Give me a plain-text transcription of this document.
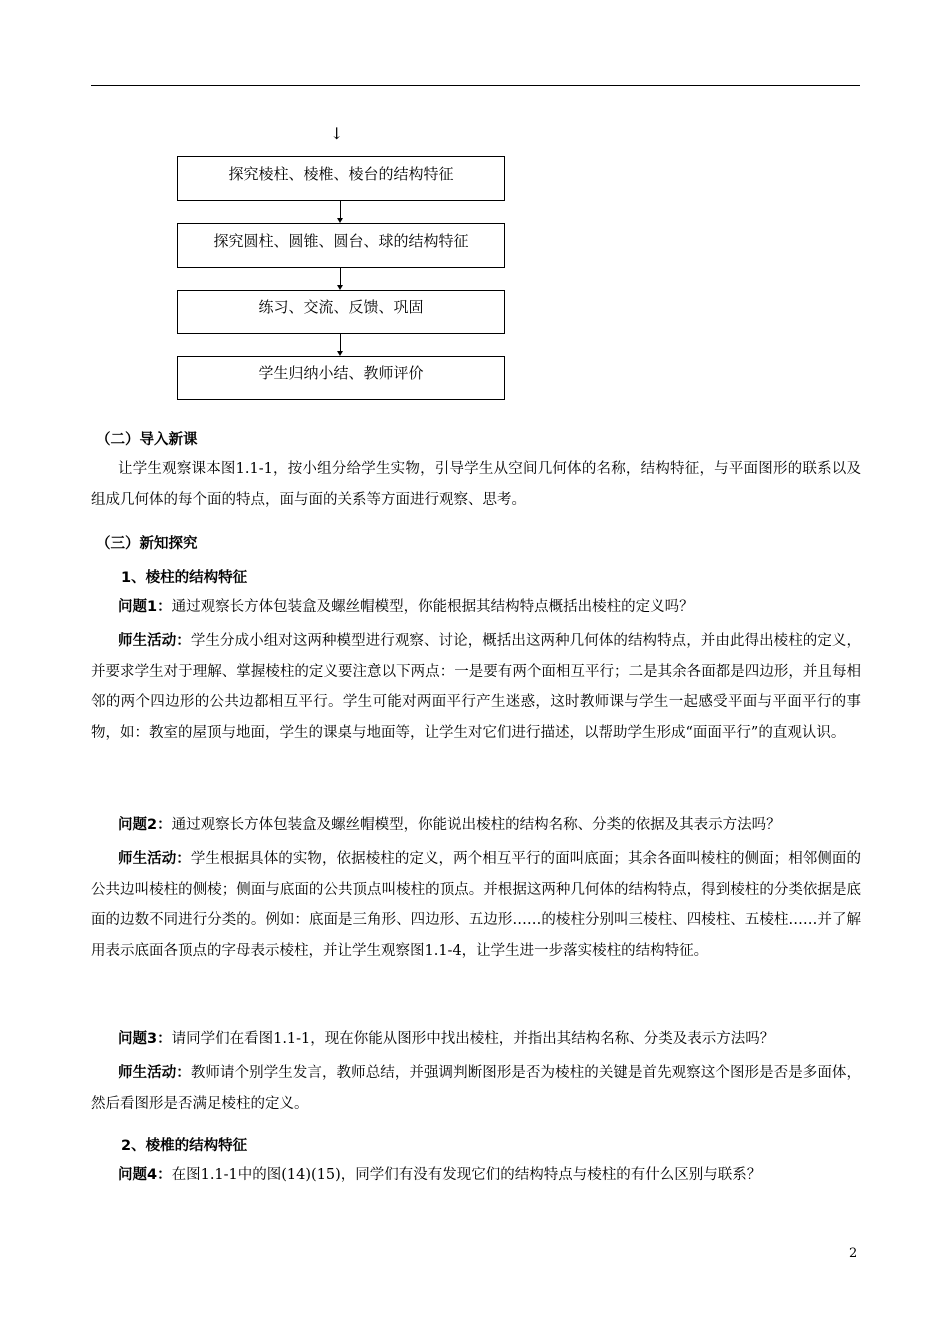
↓
探究棱柱、棱椎、棱台的结构特征
探究圆柱、圆锥、圆台、球的结构特征
练习、交流、反馈、巩固
学生归纳小结、教师评价
（二）导入新课
让学生观察课本图1.1-1，按小组分给学生实物，引导学生从空间几何体的名称，结构特征，与平面图形的联系以及组成几何体的每个面的特点，面与面的关系等方面进行观察、思考。
（三）新知探究
1、棱柱的结构特征
问题1：通过观察长方体包装盒及螺丝帽模型，你能根据其结构特点概括出棱柱的定义吗？
师生活动：学生分成小组对这两种模型进行观察、讨论，概括出这两种几何体的结构特点，并由此得出棱柱的定义，并要求学生对于理解、掌握棱柱的定义要注意以下两点：一是要有两个面相互平行；二是其余各面都是四边形，并且每相邻的两个四边形的公共边都相互平行。学生可能对两面平行产生迷惑，这时教师课与学生一起感受平面与平面平行的事物，如：教室的屋顶与地面，学生的课桌与地面等，让学生对它们进行描述，以帮助学生形成“面面平行”的直观认识。
问题2：通过观察长方体包装盒及螺丝帽模型，你能说出棱柱的结构名称、分类的依据及其表示方法吗？
师生活动：学生根据具体的实物，依据棱柱的定义，两个相互平行的面叫底面；其余各面叫棱柱的侧面；相邻侧面的公共边叫棱柱的侧棱；侧面与底面的公共顶点叫棱柱的顶点。并根据这两种几何体的结构特点，得到棱柱的分类依据是底面的边数不同进行分类的。例如：底面是三角形、四边形、五边形……的棱柱分别叫三棱柱、四棱柱、五棱柱……并了解用表示底面各顶点的字母表示棱柱，并让学生观察图1.1-4，让学生进一步落实棱柱的结构特征。
问题3：请同学们在看图1.1-1，现在你能从图形中找出棱柱，并指出其结构名称、分类及表示方法吗？
师生活动：教师请个别学生发言，教师总结，并强调判断图形是否为棱柱的关键是首先观察这个图形是否是多面体，然后看图形是否满足棱柱的定义。
2、棱椎的结构特征
问题4：在图1.1-1中的图(14)(15)，同学们有没有发现它们的结构特点与棱柱的有什么区别与联系？
2
